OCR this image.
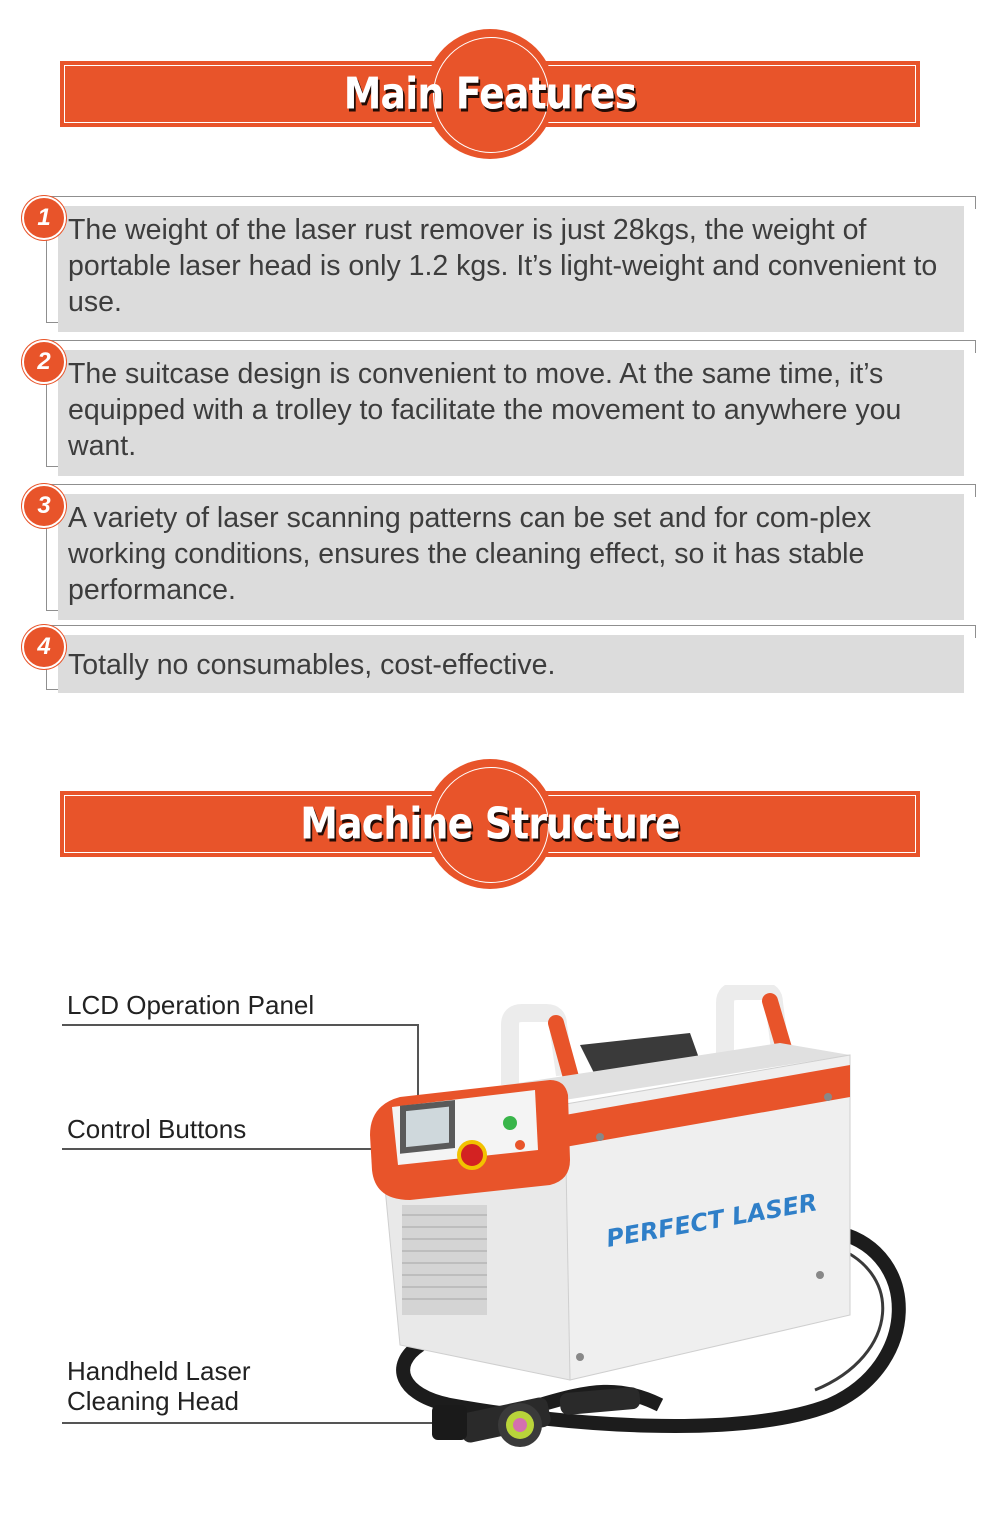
Main Features
The weight of the laser rust remover is just 28kgs, the weight of portable laser head is only 1.2 kgs. It’s light-weight and convenient to use.
1
The suitcase design is convenient to move. At the same time, it’s equipped with a trolley to facilitate the movement to anywhere you want.
2
A variety of laser scanning patterns can be set and for com-plex working conditions, ensures the cleaning effect, so it has stable performance.
3
Totally no consumables, cost-effective.
4
Machine Structure
LCD Operation Panel
Control Buttons
Handheld Laser
Cleaning Head
PERFECT LASER
